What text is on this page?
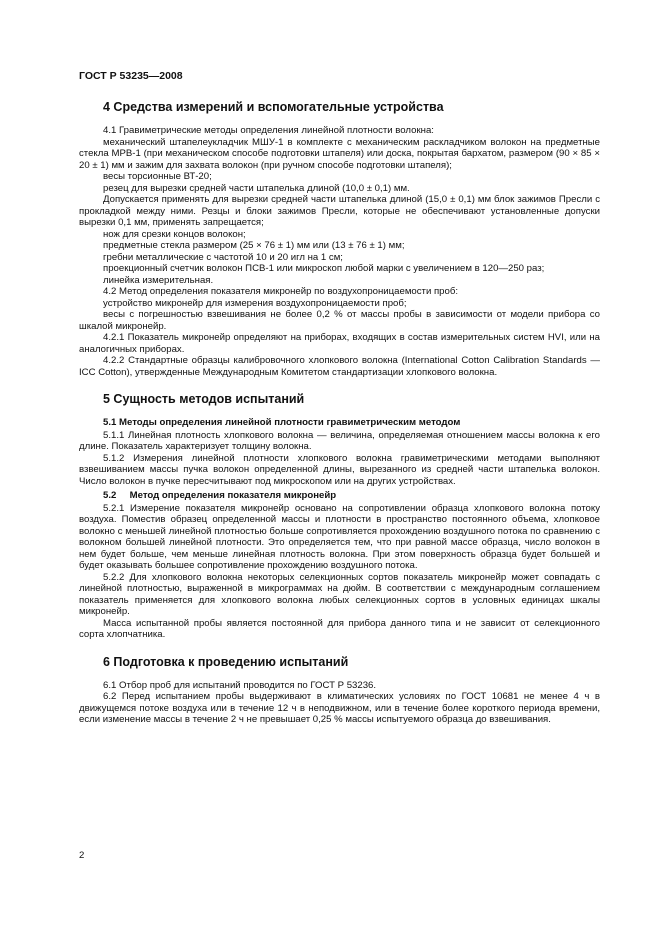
ГОСТ Р 53235—2008
4 Средства измерений и вспомогательные устройства

4.1 Гравиметрические методы определения линейной плотности волокна:

механический штапелеукладчик МШУ-1 в комплекте с механическим раскладчиком волокон на предметные стекла МРВ-1 (при механическом способе подготовки штапеля) или доска, покрытая бархатом, размером (90 × 85 × 20 ± 1) мм и зажим для захвата волокон (при ручном способе подготовки штапеля);

весы торсионные ВТ-20;

резец для вырезки средней части штапелька длиной (10,0 ± 0,1) мм.

Допускается применять для вырезки средней части штапелька длиной (15,0 ± 0,1) мм блок зажимов Пресли с прокладкой между ними. Резцы и блоки зажимов Пресли, которые не обеспечивают установленные допуски вырезки 0,1 мм, применять запрещается;

нож для срезки концов волокон;

предметные стекла размером (25 × 76 ± 1) мм или (13 ± 76 ± 1) мм;

гребни металлические с частотой 10 и 20 игл на 1 см;

проекционный счетчик волокон ПСВ-1 или микроскоп любой марки с увеличением в 120—250 раз;

линейка измерительная.

4.2 Метод определения показателя микронейр по воздухопроницаемости проб:

устройство микронейр для измерения воздухопроницаемости проб;

весы с погрешностью взвешивания не более 0,2 % от массы пробы в зависимости от модели прибора со шкалой микронейр.

4.2.1 Показатель микронейр определяют на приборах, входящих в состав измерительных систем HVI, или на аналогичных приборах.

4.2.2 Стандартные образцы калибровочного хлопкового волокна (International Cotton Calibration Standards — ICC Cotton), утвержденные Международным Комитетом стандартизации хлопкового волокна.

5 Сущность методов испытаний
5.1 Методы определения линейной плотности гравиметрическим методом

5.1.1 Линейная плотность хлопкового волокна — величина, определяемая отношением массы волокна к его длине. Показатель характеризует толщину волокна.

5.1.2 Измерения линейной плотности хлопкового волокна гравиметрическими методами выполняют взвешиванием массы пучка волокон определенной длины, вырезанного из средней части штапелька волокон. Число волокон в пучке пересчитывают под микроскопом или на других устройствах.

5.2     Метод определения показателя микронейр

5.2.1 Измерение показателя микронейр основано на сопротивлении образца хлопкового волокна потоку воздуха. Поместив образец определенной массы и плотности в пространство постоянного объема, хлопковое волокно с меньшей линейной плотностью больше сопротивляется прохождению воздушного потока по сравнению с волокном большей линейной плотности. Это определяется тем, что при равной массе образца, число волокон в нем будет больше, чем меньше линейная плотность волокна. При этом поверхность образца будет большей и будет оказывать большее сопротивление прохождению воздушного потока.

5.2.2 Для хлопкового волокна некоторых селекционных сортов показатель микронейр может совпадать с линейной плотностью, выраженной в микрограммах на дюйм. В соответствии с международным соглашением показатель применяется для хлопкового волокна любых селекционных сортов в условных единицах шкалы микронейр.

Масса испытанной пробы является постоянной для прибора данного типа и не зависит от селекционного сорта хлопчатника.

6 Подготовка к проведению испытаний

6.1 Отбор проб для испытаний проводится по ГОСТ Р 53236.

6.2 Перед испытанием пробы выдерживают в климатических условиях по ГОСТ 10681 не менее 4 ч в движущемся потоке воздуха или в течение 12 ч в неподвижном, или в течение более короткого периода времени, если изменение массы в течение 2 ч не превышает 0,25 % массы испытуемого образца до взвешивания.

2
